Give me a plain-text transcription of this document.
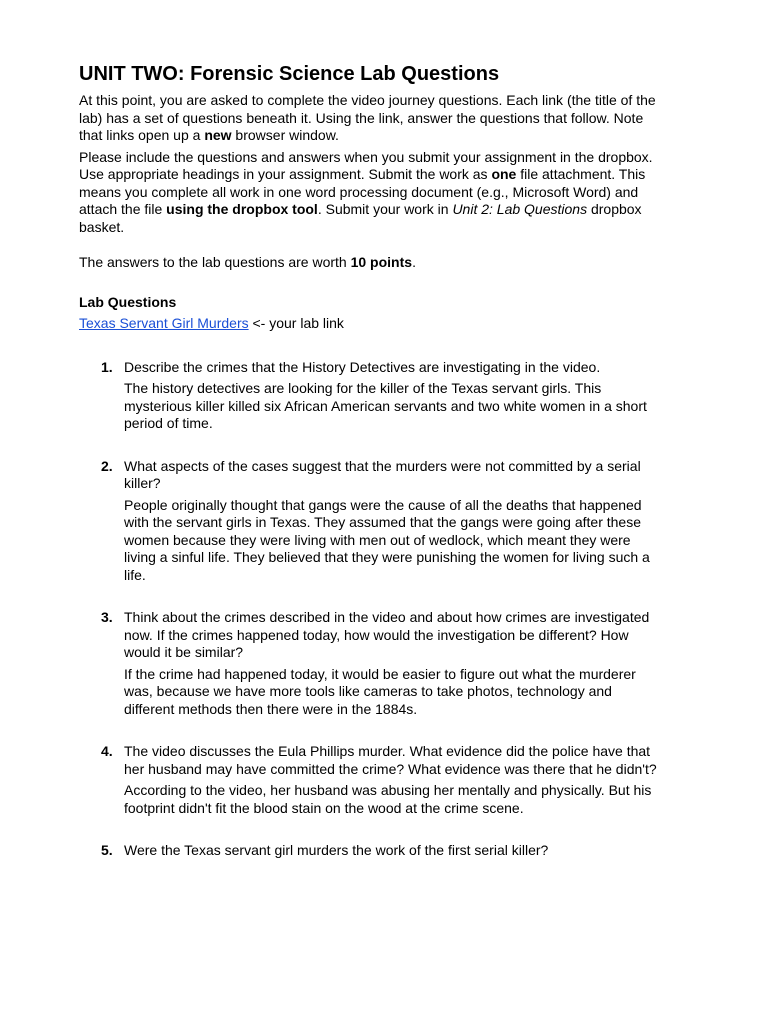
UNIT TWO: Forensic Science Lab Questions

At this point, you are asked to complete the video journey questions. Each link (the title of the lab) has a set of questions beneath it. Using the link, answer the questions that follow. Note that links open up a new browser window.

Please include the questions and answers when you submit your assignment in the dropbox. Use appropriate headings in your assignment. Submit the work as one file attachment. This means you complete all work in one word processing document (e.g., Microsoft Word) and attach the file using the dropbox tool. Submit your work in Unit 2: Lab Questions dropbox basket.

The answers to the lab questions are worth 10 points.

Lab Questions

Texas Servant Girl Murders <- your lab link

1. Describe the crimes that the History Detectives are investigating in the video.
The history detectives are looking for the killer of the Texas servant girls. This mysterious killer killed six African American servants and two white women in a short period of time.
2. What aspects of the cases suggest that the murders were not committed by a serial killer?
People originally thought that gangs were the cause of all the deaths that happened with the servant girls in Texas. They assumed that the gangs were going after these women because they were living with men out of wedlock, which meant they were living a sinful life. They believed that they were punishing the women for living such a life.
3. Think about the crimes described in the video and about how crimes are investigated now. If the crimes happened today, how would the investigation be different? How would it be similar?
If the crime had happened today, it would be easier to figure out what the murderer was, because we have more tools like cameras to take photos, technology and different methods then there were in the 1884s.
4. The video discusses the Eula Phillips murder. What evidence did the police have that her husband may have committed the crime? What evidence was there that he didn't?
According to the video, her husband was abusing her mentally and physically. But his footprint didn't fit the blood stain on the wood at the crime scene.
5. Were the Texas servant girl murders the work of the first serial killer?
